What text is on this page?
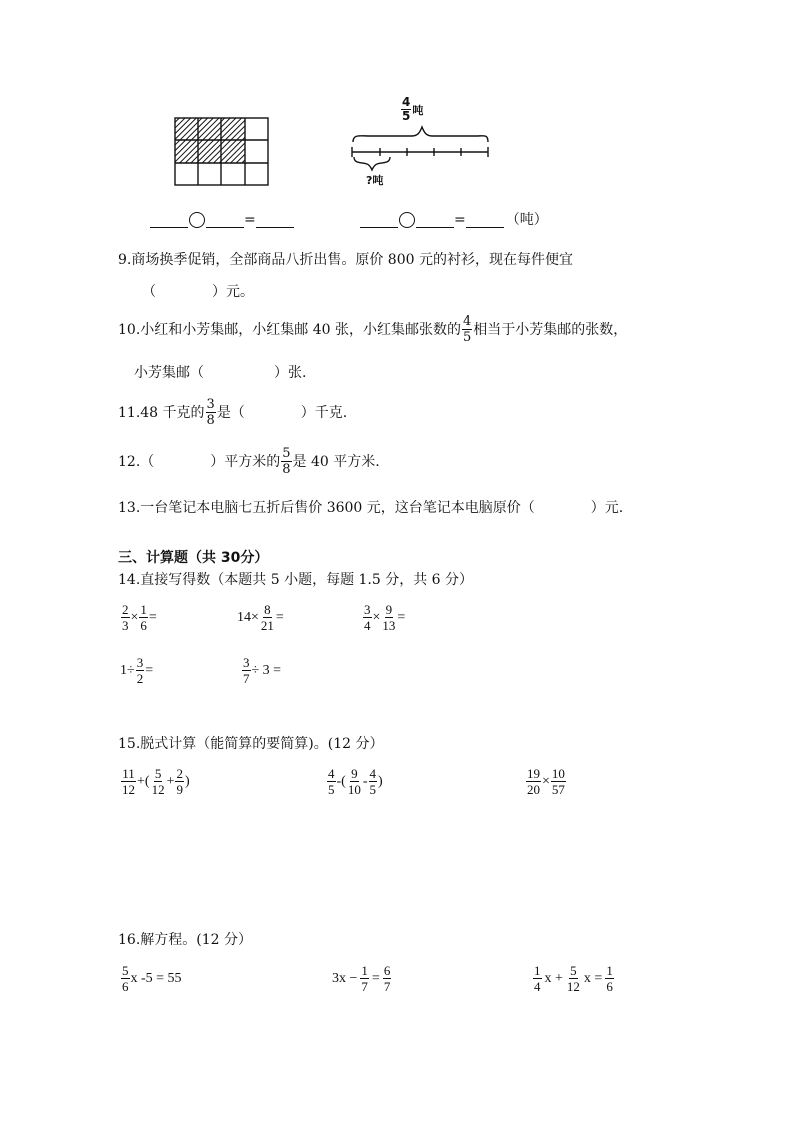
$\frac{4}{5}$ 吨
?吨
=	=	（吨）
9.商场换季促销，全部商品八折出售。原价 800 元的衬衫，现在每件便宜
（　　　　）元。
10.小红和小芳集邮，小红集邮 40 张，小红集邮张数的 $\frac{4}{5}$ 相当于小芳集邮的张数，
小芳集邮（　　　　　）张.
11.48 千克的 $\frac{3}{8}$ 是（　　　　）千克.
12.（　　　　）平方米的 $\frac{5}{8}$ 是 40 平方米.
13.一台笔记本电脑七五折后售价 3600 元，这台笔记本电脑原价（　　　　）元.
三、计算题（共 30分）
14.直接写得数（本题共 5 小题，每题 1.5 分，共 6 分）
$\frac{2}{3} \times \frac{1}{6}$ =	$14\times \frac{8}{21}$ =	$\frac{3}{4} \times \frac{9}{13}$ =
$1\div \frac{3}{2}$ =	$\frac{3}{7} \div 3$ =
15.脱式计算（能简算的要简算)。(12 分）
$\frac{11}{12}$ +( $\frac{5}{12} + \frac{2}{9}$ )	$\frac{4}{5}$ -( $\frac{9}{10} - \frac{4}{5}$ )	$\frac{19}{20} \times \frac{10}{57}$
16.解方程。(12 分）
$\frac{5}{6}$ x -5 = 55	$3x - \frac{1}{7} = \frac{6}{7}$	$\frac{1}{4}$ $x + \frac{5}{12}$ $x = \frac{1}{6}$
